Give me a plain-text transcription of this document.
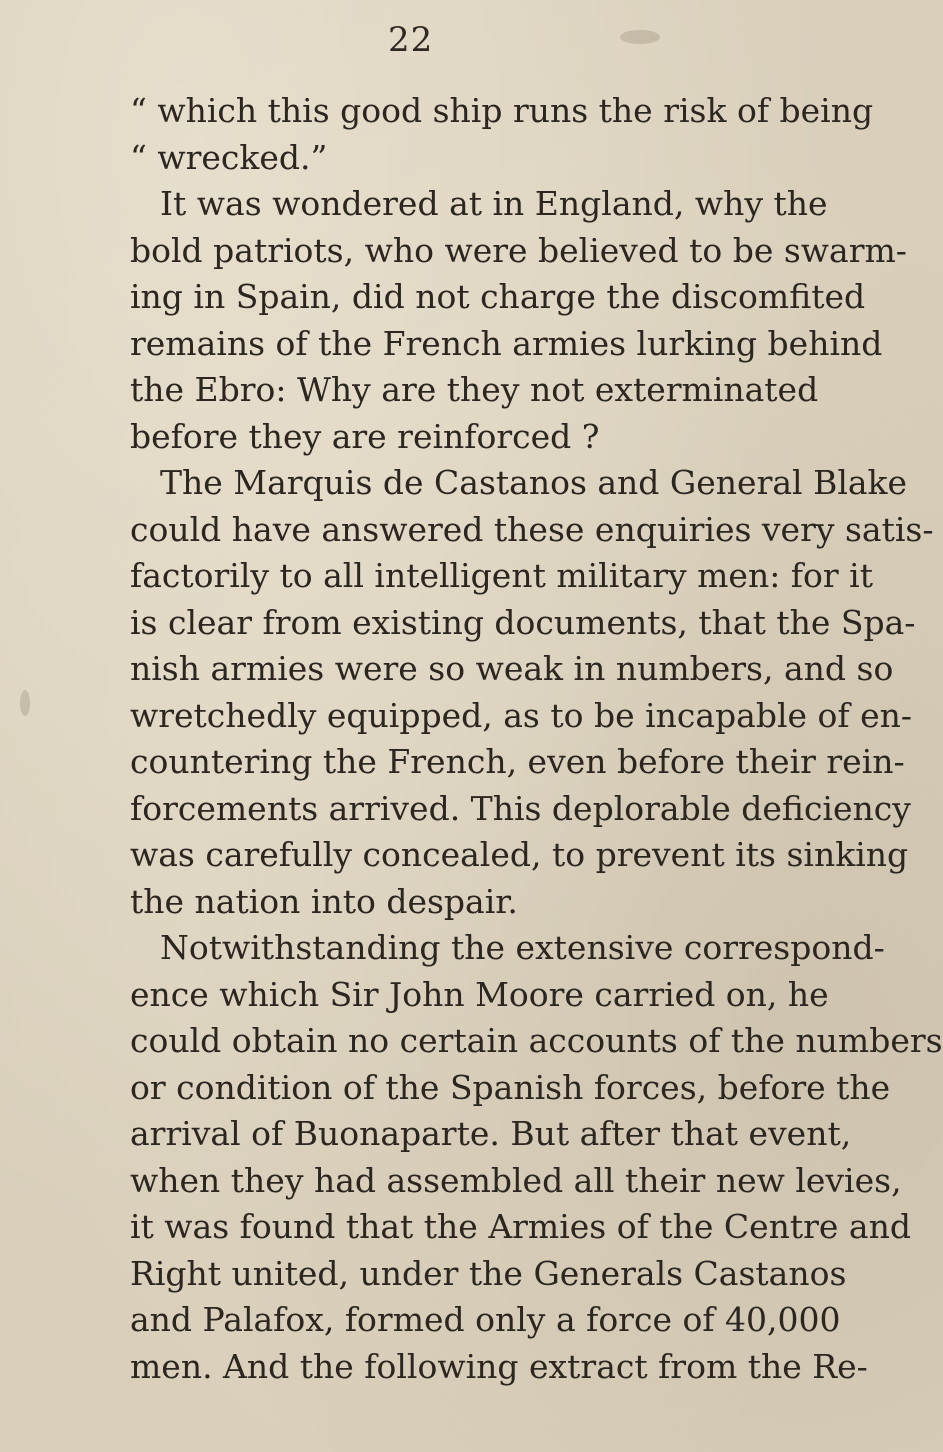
22
“ which this good ship runs the risk of being
“ wrecked.”
It was wondered at in England, why the
bold patriots, who were believed to be swarm-
ing in Spain, did not charge the discomfited
remains of the French armies lurking behind
the Ebro: Why are they not exterminated
before they are reinforced ?
The Marquis de Castanos and General Blake
could have answered these enquiries very satis-
factorily to all intelligent military men: for it
is clear from existing documents, that the Spa-
nish armies were so weak in numbers, and so
wretchedly equipped, as to be incapable of en-
countering the French, even before their rein-
forcements arrived. This deplorable deficiency
was carefully concealed, to prevent its sinking
the nation into despair.
Notwithstanding the extensive correspond-
ence which Sir John Moore carried on, he
could obtain no certain accounts of the numbers
or condition of the Spanish forces, before the
arrival of Buonaparte. But after that event,
when they had assembled all their new levies,
it was found that the Armies of the Centre and
Right united, under the Generals Castanos
and Palafox, formed only a force of 40,000
men. And the following extract from the Re-
